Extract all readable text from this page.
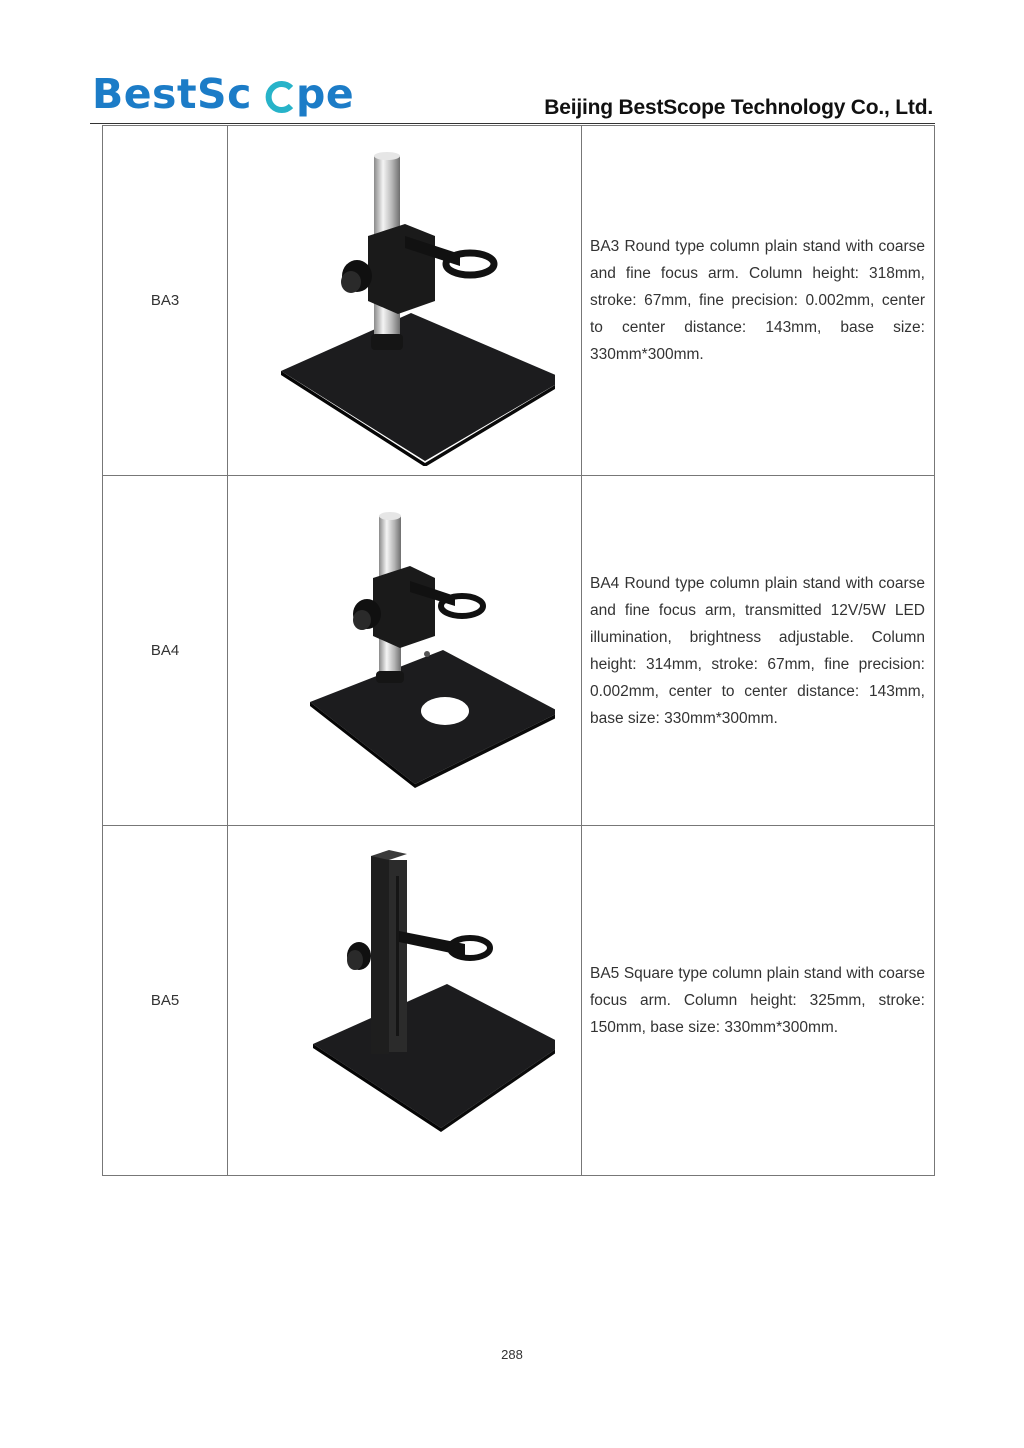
BestSc pe	Beijing BestScope Technology Co., Ltd.
BA3		BA3 Round type column plain stand with coarse and fine focus arm. Column height: 318mm, stroke: 67mm, fine precision: 0.002mm, center to center distance: 143mm, base size: 330mm*300mm.
BA4		BA4 Round type column plain stand with coarse and fine focus arm, transmitted 12V/5W LED illumination, brightness adjustable. Column height: 314mm, stroke: 67mm, fine precision: 0.002mm, center to center distance: 143mm, base size: 330mm*300mm.
BA5		BA5 Square type column plain stand with coarse focus arm. Column height: 325mm, stroke: 150mm, base size: 330mm*300mm.
288
